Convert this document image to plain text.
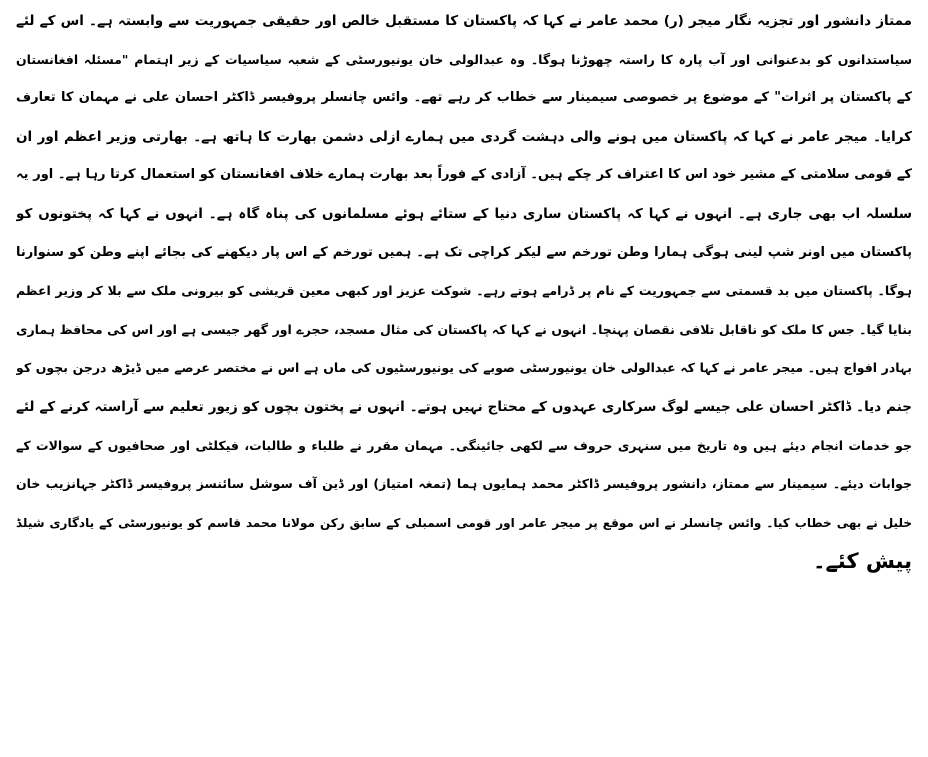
ممتاز دانشور اور تجزیہ نگار میجر (ر) محمد عامر نے کہا کہ پاکستان کا مستقبل خالص اور حقیقی جمہوریت سے وابستہ ہے۔ اس کے لئے
سیاستدانوں کو بدعنوانی اور آب پارہ کا راستہ چھوڑنا ہوگا۔ وہ عبدالولی خان یونیورسٹی کے شعبہ سیاسیات کے زیر اہتمام "مسئلہ افغانستان
کے پاکستان پر اثرات" کے موضوع پر خصوصی سیمینار سے خطاب کر رہے تھے۔ وائس چانسلر پروفیسر ڈاکٹر احسان علی نے مہمان کا تعارف
کرایا۔ میجر عامر نے کہا کہ پاکستان میں ہونے والی دہشت گردی میں ہمارے ازلی دشمن بھارت کا ہاتھ ہے۔ بھارتی وزیر اعظم اور ان
کے قومی سلامتی کے مشیر خود اس کا اعتراف کر چکے ہیں۔ آزادی کے فوراً بعد بھارت ہمارے خلاف افغانستان کو استعمال کرتا رہا ہے۔ اور یہ
سلسلہ اب بھی جاری ہے۔ انہوں نے کہا کہ پاکستان ساری دنیا کے ستائے ہوئے مسلمانوں کی پناہ گاہ ہے۔ انہوں نے کہا کہ پختونوں کو
پاکستان میں اونر شپ لینی ہوگی ہمارا وطن تورخم سے لیکر کراچی تک ہے۔ ہمیں تورخم کے اس پار دیکھنے کی بجائے اپنے وطن کو سنوارنا
ہوگا۔ پاکستان میں بد قسمتی سے جمہوریت کے نام پر ڈرامے ہوتے رہے۔ شوکت عزیز اور کبھی معین قریشی کو بیرونی ملک سے بلا کر وزیر اعظم
بنایا گیا۔ جس کا ملک کو ناقابل تلافی نقصان پہنچا۔ انہوں نے کہا کہ پاکستان کی مثال مسجد، حجرے اور گھر جیسی ہے اور اس کی محافظ ہماری
بہادر افواج ہیں۔ میجر عامر نے کہا کہ عبدالولی خان یونیورسٹی صوبے کی یونیورسٹیوں کی ماں ہے اس نے مختصر عرصے میں ڈیڑھ درجن بچوں کو
جنم دیا۔ ڈاکٹر احسان علی جیسے لوگ سرکاری عہدوں کے محتاج نہیں ہوتے۔ انہوں نے پختون بچوں کو زیور تعلیم سے آراستہ کرنے کے لئے
جو خدمات انجام دیئے ہیں وہ تاریخ میں سنہری حروف سے لکھی جائینگی۔ مہمان مقرر نے طلباء و طالبات، فیکلٹی اور صحافیوں کے سوالات کے
جوابات دیئے۔ سیمینار سے ممتاز، دانشور پروفیسر ڈاکٹر محمد ہمایوں ہما (تمغہ امتیاز) اور ڈین آف سوشل سائنسز پروفیسر ڈاکٹر جہانزیب خان
خلیل نے بھی خطاب کیا۔ وائس چانسلر نے اس موقع پر میجر عامر اور قومی اسمبلی کے سابق رکن مولانا محمد قاسم کو یونیورسٹی کے یادگاری شیلڈ
پیش کئے۔
